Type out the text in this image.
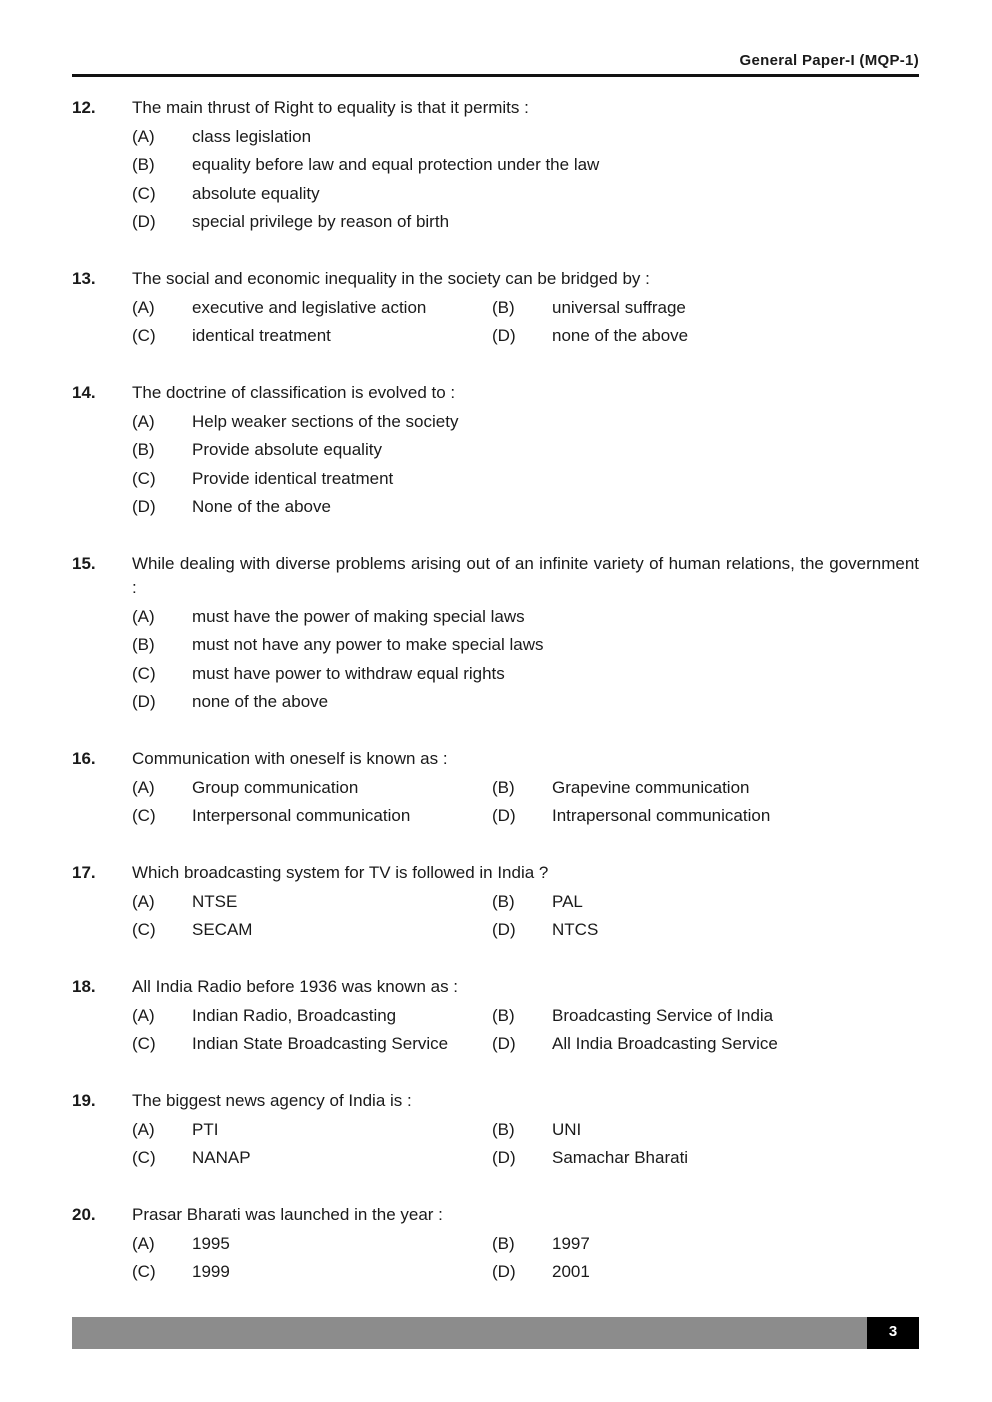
General Paper-I (MQP-1)
12.	The main thrust of Right to equality is that it permits :
(A)	class legislation
(B)	equality before law and equal protection under the law
(C)	absolute equality
(D)	special privilege by reason of birth
13.	The social and economic inequality in the society can be bridged by :
(A)	executive and legislative action	(B)	universal suffrage
(C)	identical treatment	(D)	none of the above
14.	The doctrine of classification is evolved to :
(A)	Help weaker sections of the society
(B)	Provide absolute equality
(C)	Provide identical treatment
(D)	None of the above
15.	While dealing with diverse problems arising out of an infinite variety of human relations, the government :
(A)	must have the power of making special laws
(B)	must not have any power to make special laws
(C)	must have power to withdraw equal rights
(D)	none of the above
16.	Communication with oneself is known as :
(A)	Group communication	(B)	Grapevine communication
(C)	Interpersonal communication	(D)	Intrapersonal communication
17.	Which broadcasting system for TV is followed in India ?
(A)	NTSE	(B)	PAL
(C)	SECAM	(D)	NTCS
18.	All India Radio before 1936 was known as :
(A)	Indian Radio, Broadcasting	(B)	Broadcasting Service of India
(C)	Indian State Broadcasting Service	(D)	All India Broadcasting Service
19.	The biggest news agency of India is :
(A)	PTI	(B)	UNI
(C)	NANAP	(D)	Samachar Bharati
20.	Prasar Bharati was launched in the year :
(A)	1995	(B)	1997
(C)	1999	(D)	2001
3
